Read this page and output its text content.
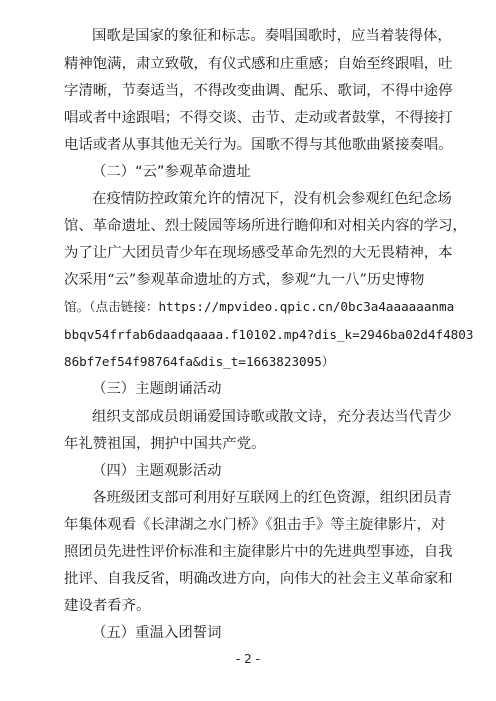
国歌是国家的象征和标志。奏唱国歌时，应当着装得体，
精神饱满，肃立致敬，有仪式感和庄重感；自始至终跟唱，吐
字清晰，节奏适当，不得改变曲调、配乐、歌词，不得中途停
唱或者中途跟唱；不得交谈、击节、走动或者鼓掌，不得接打
电话或者从事其他无关行为。国歌不得与其他歌曲紧接奏唱。
（二）“云”参观革命遗址
在疫情防控政策允许的情况下，没有机会参观红色纪念场
馆、革命遗址、烈士陵园等场所进行瞻仰和对相关内容的学习，
为了让广大团员青少年在现场感受革命先烈的大无畏精神，本
次采用“云”参观革命遗址的方式，参观“九一八”历史博物
馆。（点击链接：https://mpvideo.qpic.cn/0bc3a4aaaaaanma
bbqv54frfab6daadqaaaa.f10102.mp4?dis_k=2946ba02d4f4803
86bf7ef54f98764fa&dis_t=1663823095）
（三）主题朗诵活动
组织支部成员朗诵爱国诗歌或散文诗，充分表达当代青少
年礼赞祖国，拥护中国共产党。
（四）主题观影活动
各班级团支部可利用好互联网上的红色资源，组织团员青
年集体观看《长津湖之水门桥》《狙击手》等主旋律影片，对
照团员先进性评价标准和主旋律影片中的先进典型事迹，自我
批评、自我反省，明确改进方向，向伟大的社会主义革命家和
建设者看齐。
（五）重温入团誓词
- 2 -
